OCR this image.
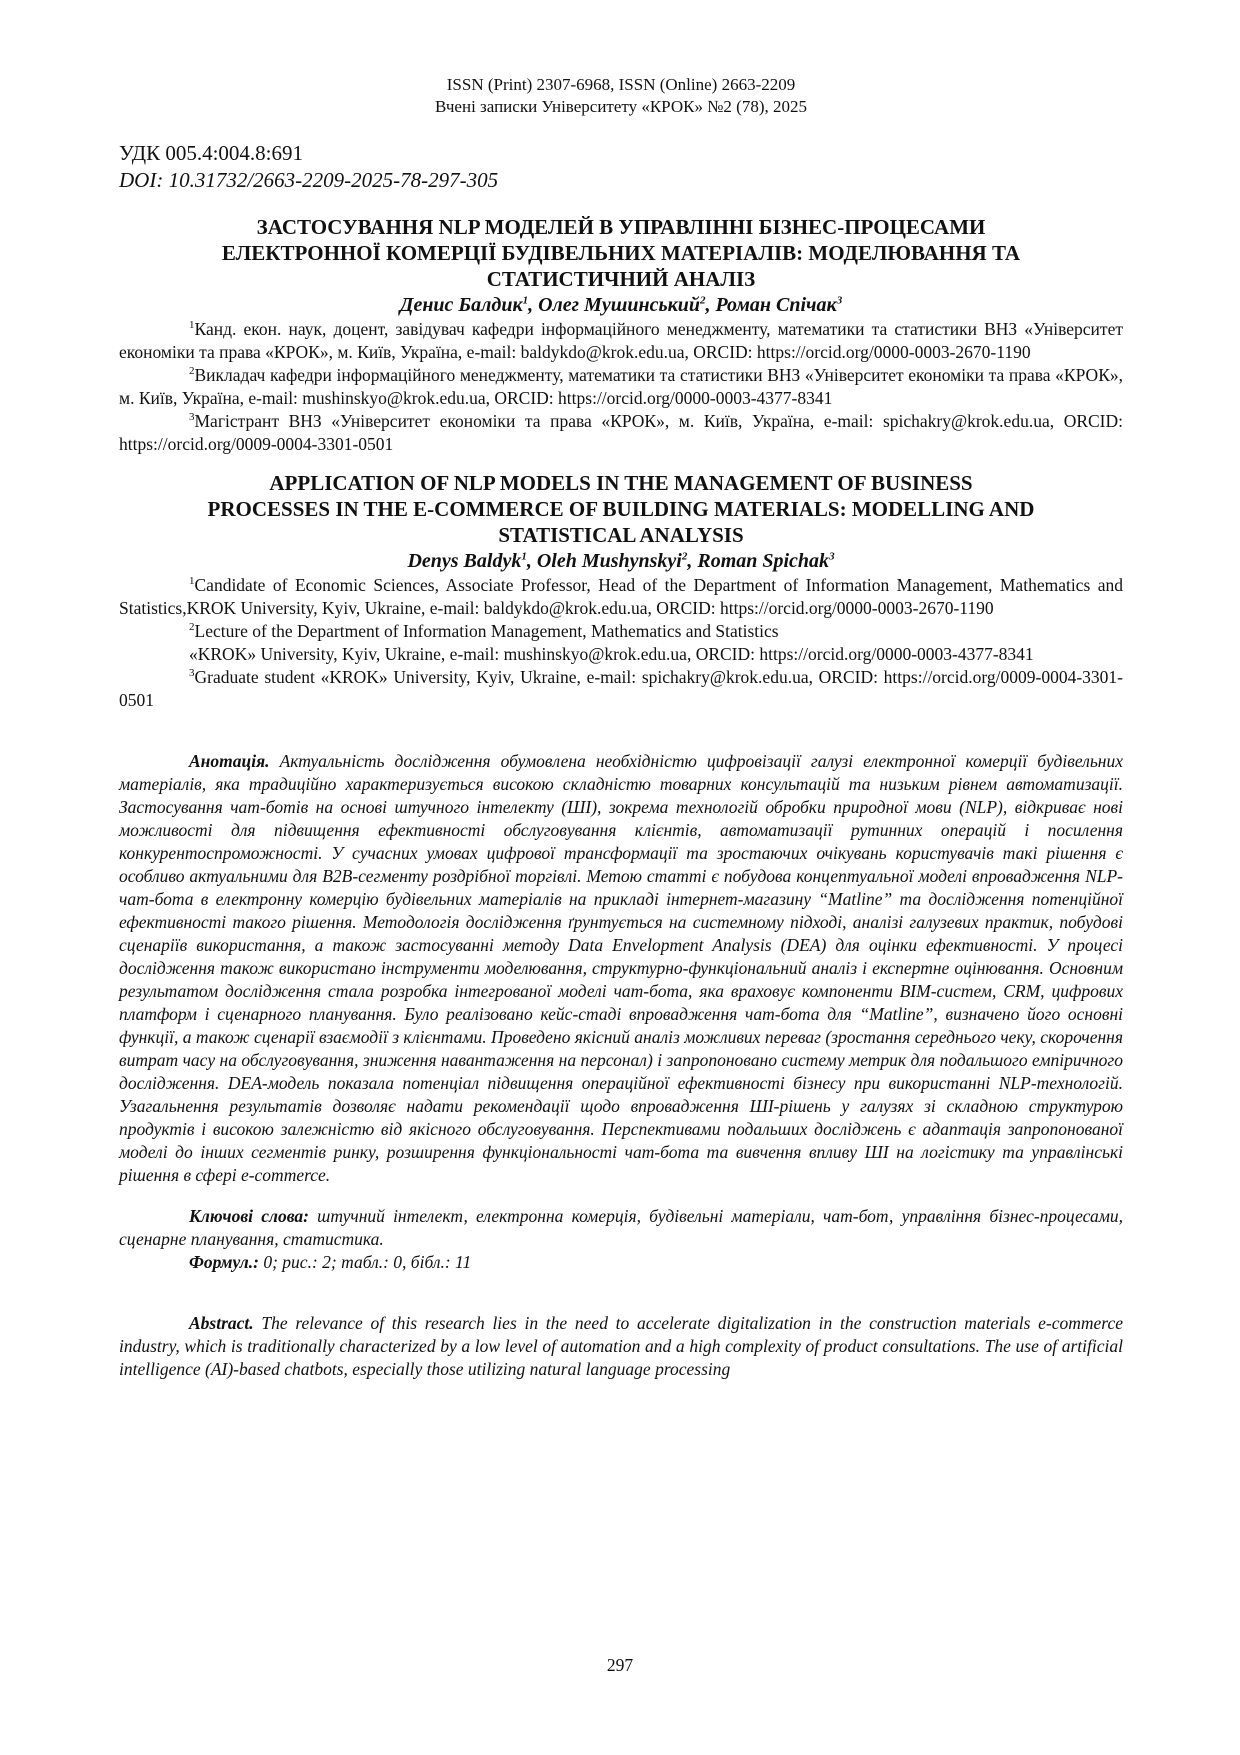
ISSN (Print) 2307-6968, ISSN (Online) 2663-2209
Вчені записки Університету «КРОК» №2 (78), 2025
УДК 005.4:004.8:691
DOI: 10.31732/2663-2209-2025-78-297-305
ЗАСТОСУВАННЯ NLP МОДЕЛЕЙ В УПРАВЛІННІ БІЗНЕС-ПРОЦЕСАМИ
ЕЛЕКТРОННОЇ КОМЕРЦІЇ БУДІВЕЛЬНИХ МАТЕРІАЛІВ: МОДЕЛЮВАННЯ ТА
СТАТИСТИЧНИЙ АНАЛІЗ

Денис Балдик$^1$, Олег Мушинський$^2$, Роман Спічак$^3$

$^1$Канд. екон. наук, доцент, завідувач кафедри інформаційного менеджменту, математики та статистики ВНЗ «Університет економіки та права «КРОК», м. Київ, Україна, e-mail: baldykdo@krok.edu.ua, ORCID: https://orcid.org/0000-0003-2670-1190

$^2$Викладач кафедри інформаційного менеджменту, математики та статистики ВНЗ «Університет економіки та права «КРОК», м. Київ, Україна, e-mail: mushinskyo@krok.edu.ua, ORCID: https://orcid.org/0000-0003-4377-8341

$^3$Магістрант ВНЗ «Університет економіки та права «КРОК», м. Київ, Україна, e-mail: spichakry@krok.edu.ua, ORCID: https://orcid.org/0009-0004-3301-0501

APPLICATION OF NLP MODELS IN THE MANAGEMENT OF BUSINESS
PROCESSES IN THE E-COMMERCE OF BUILDING MATERIALS: MODELLING AND
STATISTICAL ANALYSIS

Denys Baldyk$^1$, Oleh Mushynskyi$^2$, Roman Spichak$^3$

$^1$Candidate of Economic Sciences, Associate Professor, Head of the Department of Information Management, Mathematics and Statistics,KROK University, Kyiv, Ukraine, e-mail: baldykdo@krok.edu.ua, ORCID: https://orcid.org/0000-0003-2670-1190

$^2$Lecture of the Department of Information Management, Mathematics and Statistics

«KROK» University, Kyiv, Ukraine, e-mail: mushinskyo@krok.edu.ua, ORCID: https://orcid.org/0000-0003-4377-8341

$^3$Graduate student «KROK» University, Kyiv, Ukraine, e-mail: spichakry@krok.edu.ua, ORCID: https://orcid.org/0009-0004-3301-0501

Анотація. Актуальність дослідження обумовлена необхідністю цифровізації галузі електронної комерції будівельних матеріалів, яка традиційно характеризується високою складністю товарних консультацій та низьким рівнем автоматизації. Застосування чат-ботів на основі штучного інтелекту (ШІ), зокрема технологій обробки природної мови (NLP), відкриває нові можливості для підвищення ефективності обслуговування клієнтів, автоматизації рутинних операцій і посилення конкурентоспроможності. У сучасних умовах цифрової трансформації та зростаючих очікувань користувачів такі рішення є особливо актуальними для B2B-сегменту роздрібної торгівлі. Метою статті є побудова концептуальної моделі впровадження NLP-чат-бота в електронну комерцію будівельних матеріалів на прикладі інтернет-магазину “Matline” та дослідження потенційної ефективності такого рішення. Методологія дослідження ґрунтується на системному підході, аналізі галузевих практик, побудові сценаріїв використання, а також застосуванні методу Data Envelopment Analysis (DEA) для оцінки ефективності. У процесі дослідження також використано інструменти моделювання, структурно-функціональний аналіз і експертне оцінювання. Основним результатом дослідження стала розробка інтегрованої моделі чат-бота, яка враховує компоненти BIM-систем, CRM, цифрових платформ і сценарного планування. Було реалізовано кейс-стаді впровадження чат-бота для “Matline”, визначено його основні функції, а також сценарії взаємодії з клієнтами. Проведено якісний аналіз можливих переваг (зростання середнього чеку, скорочення витрат часу на обслуговування, зниження навантаження на персонал) і запропоновано систему метрик для подальшого емпіричного дослідження. DEA-модель показала потенціал підвищення операційної ефективності бізнесу при використанні NLP-технологій. Узагальнення результатів дозволяє надати рекомендації щодо впровадження ШІ-рішень у галузях зі складною структурою продуктів і високою залежністю від якісного обслуговування. Перспективами подальших досліджень є адаптація запропонованої моделі до інших сегментів ринку, розширення функціональності чат-бота та вивчення впливу ШІ на логістику та управлінські рішення в сфері e-commerce.

Ключові слова: штучний інтелект, електронна комерція, будівельні матеріали, чат-бот, управління бізнес-процесами, сценарне планування, статистика.

Формул.: 0; рис.: 2; табл.: 0, бібл.: 11

Abstract. The relevance of this research lies in the need to accelerate digitalization in the construction materials e-commerce industry, which is traditionally characterized by a low level of automation and a high complexity of product consultations. The use of artificial intelligence (AI)-based chatbots, especially those utilizing natural language processing

297
